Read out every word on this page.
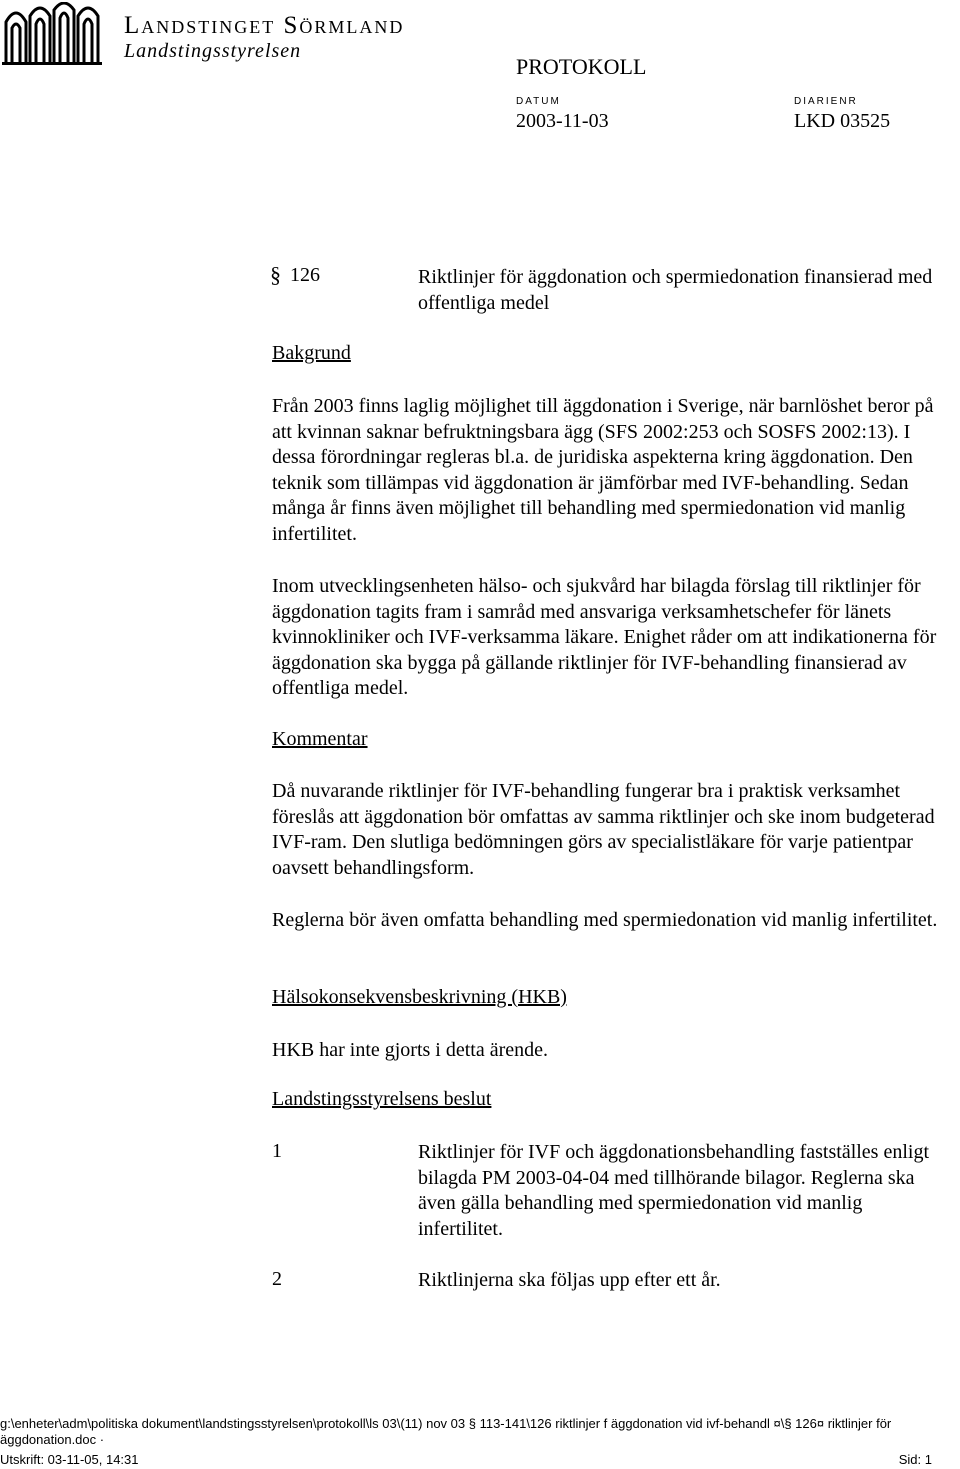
Landstinget Sörmland
Landstingsstyrelsen
PROTOKOLL
DATUM
2003-11-03
DIARIENR
LKD 03525
§ 126	Riktlinjer för äggdonation och spermiedonation finansierad med offentliga medel
Bakgrund
Från 2003 finns laglig möjlighet till äggdonation i Sverige, när barnlöshet beror på att kvinnan saknar befruktningsbara ägg (SFS 2002:253 och SOSFS 2002:13). I dessa förordningar regleras bl.a. de juridiska aspekterna kring äggdonation. Den teknik som tillämpas vid äggdonation är jämförbar med IVF-behandling. Sedan många år finns även möjlighet till behandling med spermiedonation vid manlig infertilitet.
Inom utvecklingsenheten hälso- och sjukvård har bilagda förslag till riktlinjer för äggdonation tagits fram i samråd med ansvariga verksamhetschefer för länets kvinnokliniker och IVF-verksamma läkare. Enighet råder om att indikationerna för äggdonation ska bygga på gällande riktlinjer för IVF-behandling finansierad av offentliga medel.
Kommentar
Då nuvarande riktlinjer för IVF-behandling fungerar bra i praktisk verksamhet föreslås att äggdonation bör omfattas av samma riktlinjer och ske inom budgeterad IVF-ram. Den slutliga bedömningen görs av specialistläkare för varje patientpar oavsett behandlingsform.
Reglerna bör även omfatta behandling med spermiedonation vid manlig infertilitet.
Hälsokonsekvensbeskrivning (HKB)
HKB har inte gjorts i detta ärende.
Landstingsstyrelsens beslut
1	Riktlinjer för IVF och äggdonationsbehandling fastställes enligt bilagda PM 2003-04-04 med tillhörande bilagor. Reglerna ska även gälla behandling med spermiedonation vid manlig infertilitet.
2	Riktlinjerna ska följas upp efter ett år.
g:\enheter\adm\politiska dokument\landstingsstyrelsen\protokoll\ls 03\(11) nov 03 § 113-141\126 riktlinjer f äggdonation vid ivf-behandl ¤\§ 126¤ riktlinjer för
äggdonation.doc ·
Utskrift: 03-11-05, 14:31	Sid: 1
